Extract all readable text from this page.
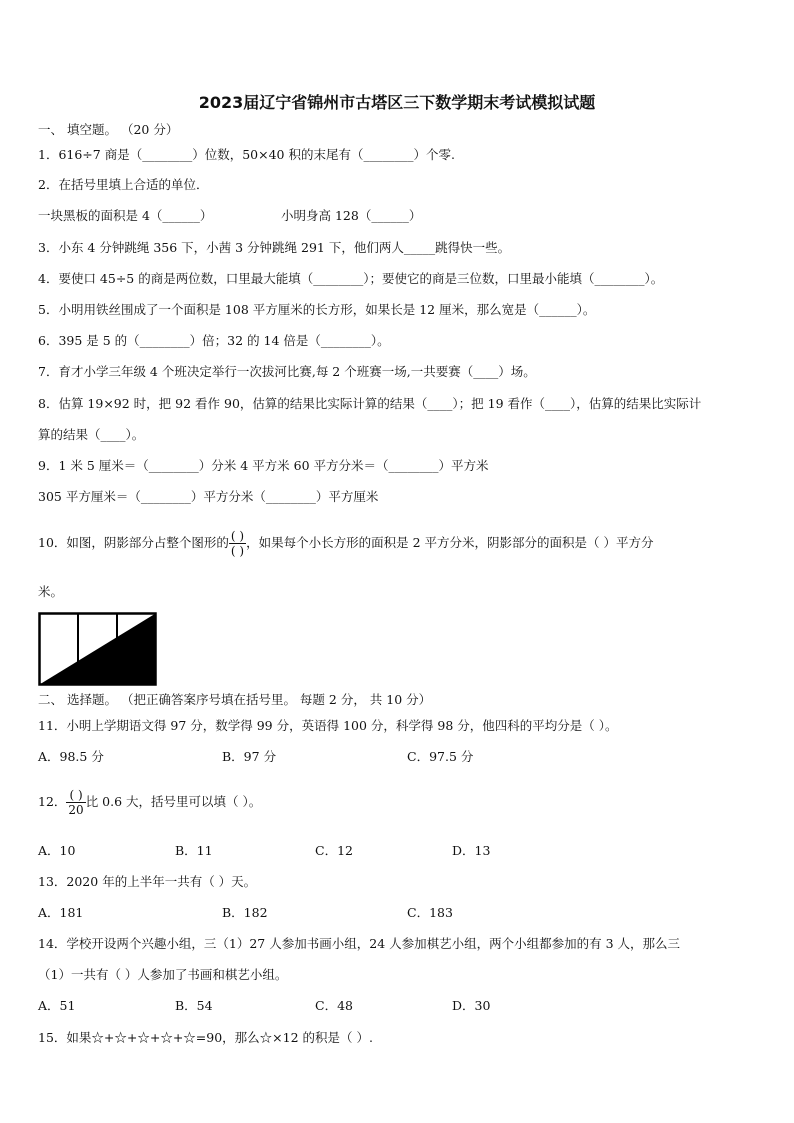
2023届辽宁省锦州市古塔区三下数学期末考试模拟试题
一、 填空题。 （20 分）
1．616÷7 商是（________）位数，50×40 积的末尾有（________）个零.
2．在括号里填上合适的单位．
一块黑板的面积是 4（______）	小明身高 128（______）
3．小东 4 分钟跳绳 356 下，小茜 3 分钟跳绳 291 下，他们两人_____跳得快一些。
4．要使口 45÷5 的商是两位数，口里最大能填（________）；要使它的商是三位数，口里最小能填（________）。
5．小明用铁丝围成了一个面积是 108 平方厘米的长方形，如果长是 12 厘米，那么宽是（______）。
6．395 是 5 的（________）倍；32 的 14 倍是（________）。
7．育才小学三年级 4 个班决定举行一次拔河比赛,每 2 个班赛一场,一共要赛（____）场。
8．估算 19×92 时，把 92 看作 90，估算的结果比实际计算的结果（____）；把 19 看作（____），估算的结果比实际计
算的结果（____）。
9．1 米 5 厘米＝（________）分米 4 平方米 60 平方分米＝（________）平方米
305 平方厘米＝（________）平方分米（________）平方厘米
10．如图，阴影部分占整个图形的 $\frac{( )}{( )}$ ，如果每个小长方形的面积是 2 平方分米，阴影部分的面积是（ ）平方分
米。
二、 选择题。 （把正确答案序号填在括号里。 每题 2 分， 共 10 分）
11．小明上学期语文得 97 分，数学得 99 分，英语得 100 分，科学得 98 分，他四科的平均分是（ ）。
A．98.5 分	B．97 分	C．97.5 分
12． $\frac{( )}{20}$ 比 0.6 大，括号里可以填（ ）。
A．10	B．11	C．12	D．13
13．2020 年的上半年一共有（ ）天。
A．181	B．182	C．183
14．学校开设两个兴趣小组，三（1）27 人参加书画小组，24 人参加棋艺小组，两个小组都参加的有 3 人，那么三
（1）一共有（ ）人参加了书画和棋艺小组。
A．51	B．54	C．48	D．30
15．如果☆+☆+☆+☆+☆=90，那么☆×12 的积是（ ）.
